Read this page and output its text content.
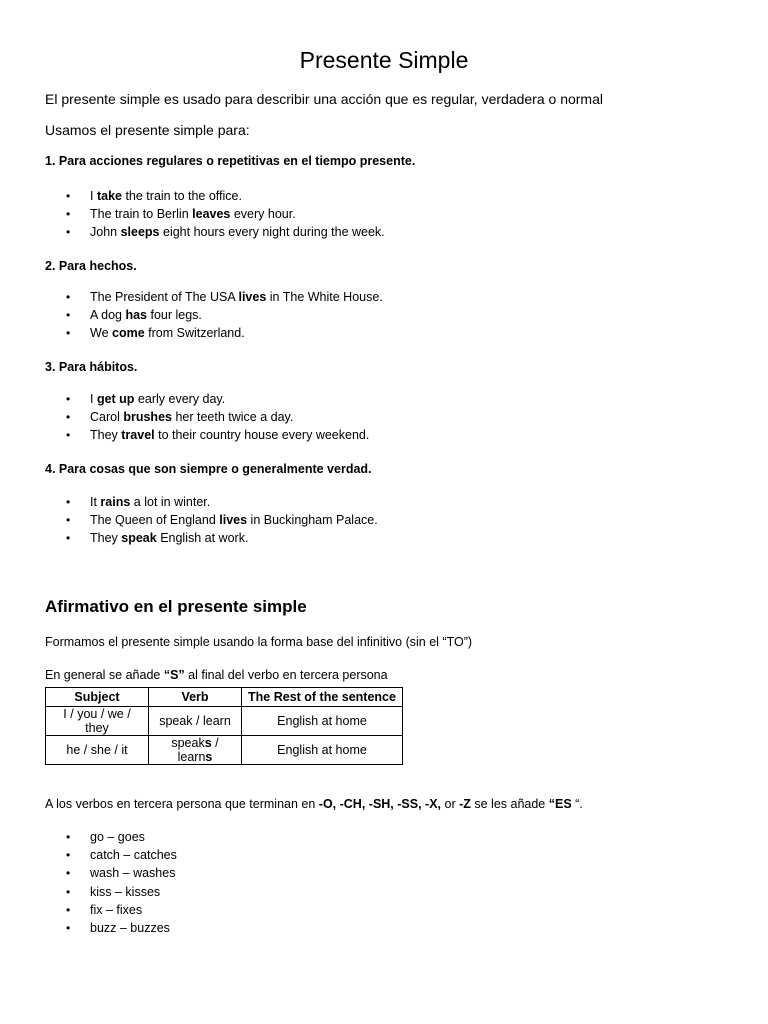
Presente Simple
El presente simple es usado para describir una acción que es regular, verdadera o normal
Usamos el presente simple para:
1. Para acciones regulares o repetitivas en el tiempo presente.
• I take the train to the office.
• The train to Berlin leaves every hour.
• John sleeps eight hours every night during the week.
2. Para hechos.
• The President of The USA lives in The White House.
• A dog has four legs.
• We come from Switzerland.
3. Para hábitos.
• I get up early every day.
• Carol brushes her teeth twice a day.
• They travel to their country house every weekend.
4. Para cosas que son siempre o generalmente verdad.
• It rains a lot in winter.
• The Queen of England lives in Buckingham Palace.
• They speak English at work.
Afirmativo en el presente simple
Formamos el presente simple usando la forma base del infinitivo (sin el “TO”)
En general se añade “S” al final del verbo en tercera persona
Subject	Verb	The Rest of the sentence
I / you / we / they	speak / learn	English at home
he / she / it	speaks / learns	English at home
A los verbos en tercera persona que terminan en -O, -CH, -SH, -SS, -X, or -Z se les añade “ES “.
• go – goes
• catch – catches
• wash – washes
• kiss – kisses
• fix – fixes
• buzz – buzzes
